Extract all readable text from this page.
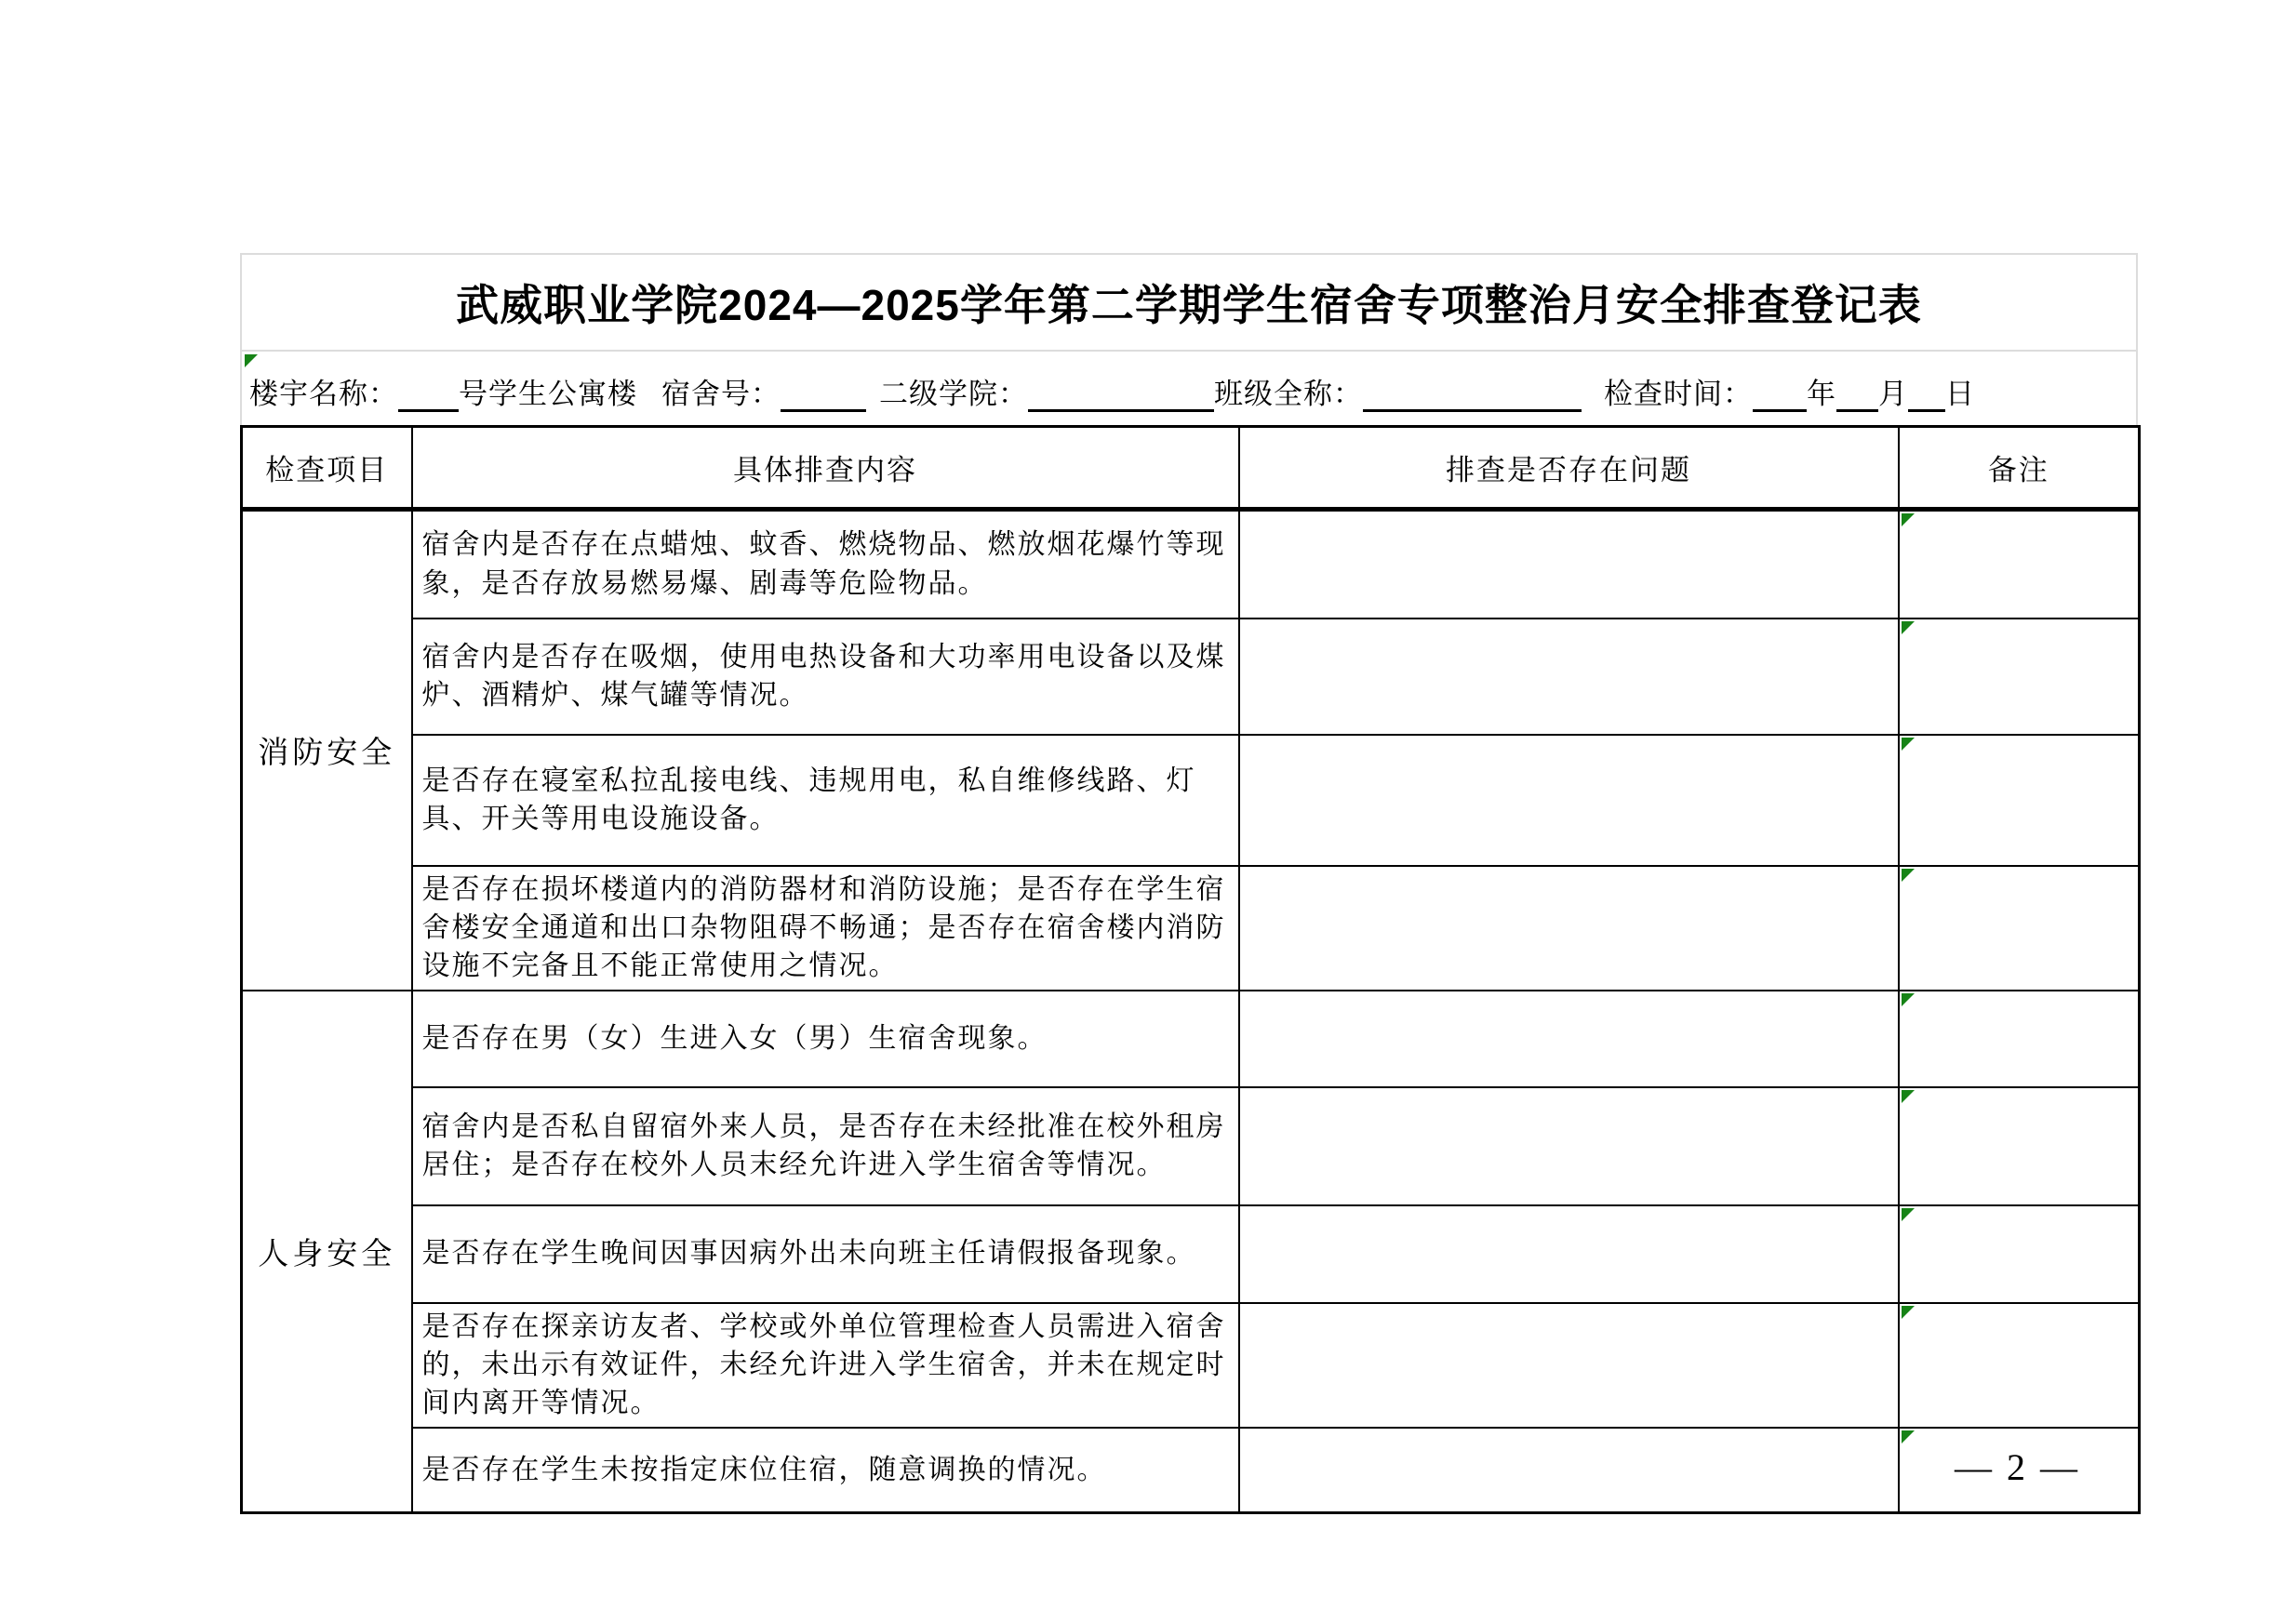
武威职业学院2024—2025学年第二学期学生宿舍专项整治月安全排查登记表
楼宇名称： 号学生公寓楼 宿舍号：	二级学院：	班级全称：	检查时间： 年 月 日
检查项目	具体排查内容	排查是否存在问题	备注
消防安全	宿舍内是否存在点蜡烛、蚊香、燃烧物品、燃放烟花爆竹等现象，是否存放易燃易爆、剧毒等危险物品。		

	宿舍内是否存在吸烟，使用电热设备和大功率用电设备以及煤炉、酒精炉、煤气罐等情况。		

	是否存在寝室私拉乱接电线、违规用电，私自维修线路、灯具、开关等用电设施设备。		

	是否存在损坏楼道内的消防器材和消防设施；是否存在学生宿舍楼安全通道和出口杂物阻碍不畅通；是否存在宿舍楼内消防设施不完备且不能正常使用之情况。		

人身安全	是否存在男（女）生进入女（男）生宿舍现象。		

	宿舍内是否私自留宿外来人员，是否存在未经批准在校外租房居住；是否存在校外人员末经允许进入学生宿舍等情况。		

	是否存在学生晚间因事因病外出未向班主任请假报备现象。		

	是否存在探亲访友者、学校或外单位管理检查人员需进入宿舍的，未出示有效证件，未经允许进入学生宿舍，并未在规定时间内离开等情况。		

	是否存在学生未按指定床位住宿，随意调换的情况。			— 2 —
